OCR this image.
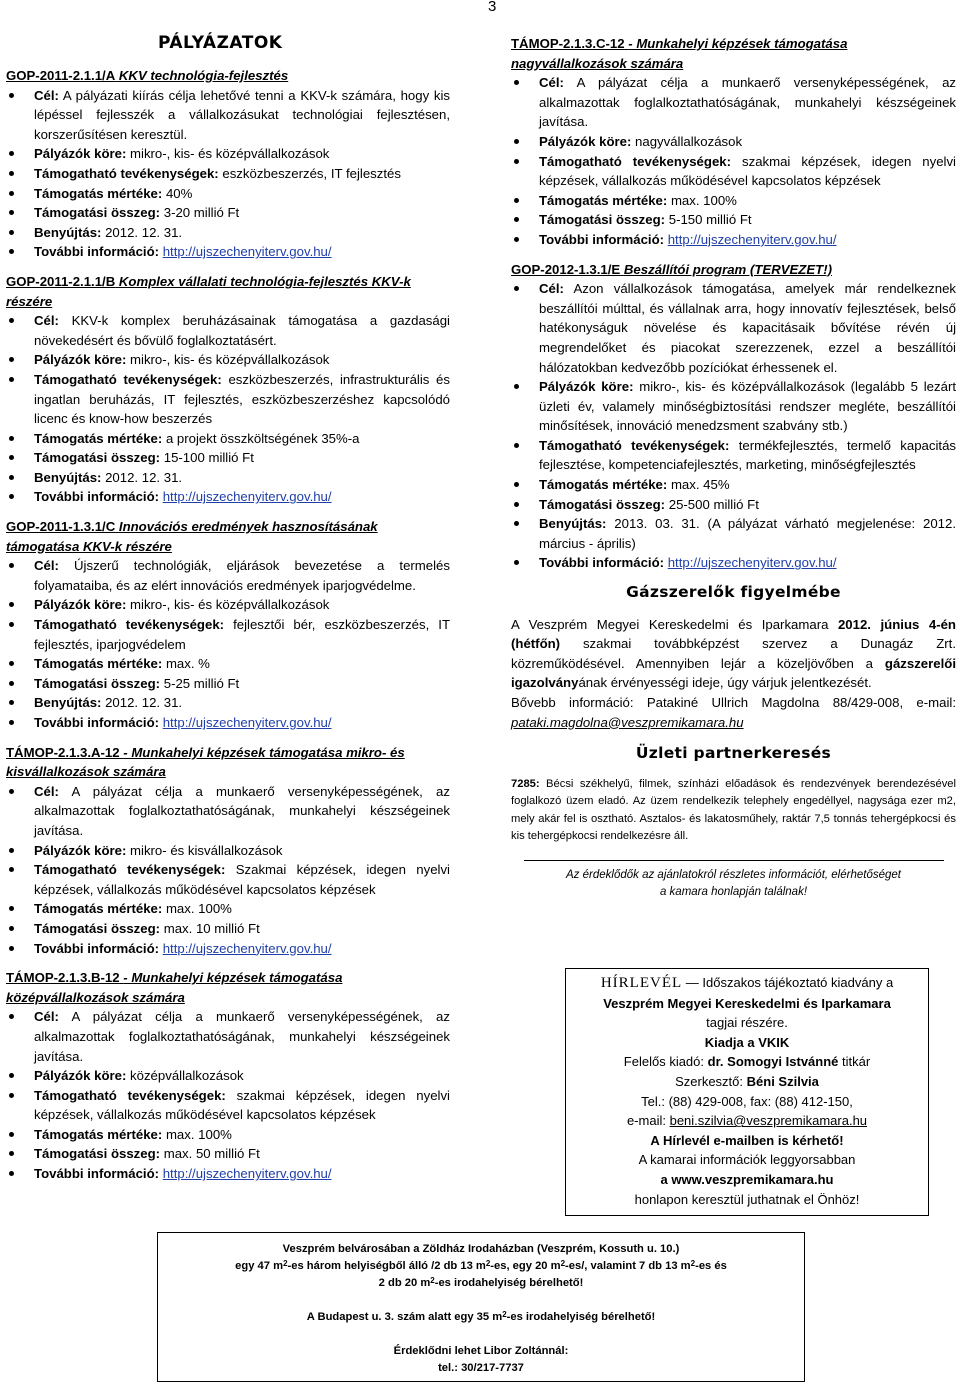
3
PÁLYÁZATOK
GOP-2011-2.1.1/A KKV technológia-fejlesztés
Cél: A pályázati kiírás célja lehetővé tenni a KKV-k számára, hogy kis lépéssel fejlesszék a vállalkozásukat technológiai fejlesztésen, korszerűsítésen keresztül.
Pályázók köre: mikro-, kis- és középvállalkozások
Támogatható tevékenységek: eszközbeszerzés, IT fejlesztés
Támogatás mértéke: 40%
Támogatási összeg: 3-20 millió Ft
Benyújtás: 2012. 12. 31.
További információ: http://ujszechenyiterv.gov.hu/
GOP-2011-2.1.1/B Komplex vállalati technológia-fejlesztés KKV-k részére
Cél: KKV-k komplex beruházásainak támogatása a gazdasági növekedésért és bővülő foglalkoztatásért.
Pályázók köre: mikro-, kis- és középvállalkozások
Támogatható tevékenységek: eszközbeszerzés, infrastrukturális és ingatlan beruházás, IT fejlesztés, eszközbeszerzéshez kapcsolódó licenc és know-how beszerzés
Támogatás mértéke: a projekt összköltségének 35%-a
Támogatási összeg: 15-100 millió Ft
Benyújtás: 2012. 12. 31.
További információ: http://ujszechenyiterv.gov.hu/
GOP-2011-1.3.1/C Innovációs eredmények hasznosításának támogatása KKV-k részére
Cél: Újszerű technológiák, eljárások bevezetése a termelés folyamataiba, és az elért innovációs eredmények iparjogvédelme.
Pályázók köre: mikro-, kis- és középvállalkozások
Támogatható tevékenységek: fejlesztői bér, eszközbeszerzés, IT fejlesztés, iparjogvédelem
Támogatás mértéke: max. %
Támogatási összeg: 5-25 millió Ft
Benyújtás: 2012. 12. 31.
További információ: http://ujszechenyiterv.gov.hu/
TÁMOP-2.1.3.A-12 - Munkahelyi képzések támogatása mikro- és kisvállalkozások számára
Cél: A pályázat célja a munkaerő versenyképességének, az alkalmazottak foglalkoztathatóságának, munkahelyi készségeinek javítása.
Pályázók köre: mikro- és kisvállalkozások
Támogatható tevékenységek: Szakmai képzések, idegen nyelvi képzések, vállalkozás működésével kapcsolatos képzések
Támogatás mértéke: max. 100%
Támogatási összeg: max. 10 millió Ft
További információ: http://ujszechenyiterv.gov.hu/
TÁMOP-2.1.3.B-12 - Munkahelyi képzések támogatása középvállalkozások számára
Cél: A pályázat célja a munkaerő versenyképességének, az alkalmazottak foglalkoztathatóságának, munkahelyi készségeinek javítása.
Pályázók köre: középvállalkozások
Támogatható tevékenységek: szakmai képzések, idegen nyelvi képzések, vállalkozás működésével kapcsolatos képzések
Támogatás mértéke: max. 100%
Támogatási összeg: max. 50 millió Ft
További információ: http://ujszechenyiterv.gov.hu/
TÁMOP-2.1.3.C-12 - Munkahelyi képzések támogatása nagyvállalkozások számára
Cél: A pályázat célja a munkaerő versenyképességének, az alkalmazottak foglalkoztathatóságának, munkahelyi készségeinek javítása.
Pályázók köre: nagyvállalkozások
Támogatható tevékenységek: szakmai képzések, idegen nyelvi képzések, vállalkozás működésével kapcsolatos képzések
Támogatás mértéke: max. 100%
Támogatási összeg: 5-150 millió Ft
További információ: http://ujszechenyiterv.gov.hu/
GOP-2012-1.3.1/E Beszállítói program (TERVEZET!)
Cél: Azon vállalkozások támogatása, amelyek már rendelkeznek beszállítói múlttal, és vállalnak arra, hogy innovatív fejlesztések, belső hatékonyságuk növelése és kapacitásaik bővítése révén új megrendelőket és piacokat szerezzenek, ezzel a beszállítói hálózatokban kedvezőbb pozíciókat érhessenek el.
Pályázók köre: mikro-, kis- és középvállalkozások (legalább 5 lezárt üzleti év, valamely minőségbiztosítási rendszer megléte, beszállítói minősítések, innováció menedzsment szabvány stb.)
Támogatható tevékenységek: termékfejlesztés, termelő kapacitás fejlesztése, kompetenciafejlesztés, marketing, minőségfejlesztés
Támogatás mértéke: max. 45%
Támogatási összeg: 25-500 millió Ft
Benyújtás: 2013. 03. 31. (A pályázat várható megjelenése: 2012. március - április)
További információ: http://ujszechenyiterv.gov.hu/
Gázszerelők figyelmébe

A Veszprém Megyei Kereskedelmi és Iparkamara 2012. június 4-én (hétfőn) szakmai továbbképzést szervez a Dunagáz Zrt. közreműködésével. Amennyiben lejár a közeljövőben a gázszerelői igazolványának érvényességi ideje, úgy várjuk jelentkezését.
Bővebb információ: Patakiné Ullrich Magdolna 88/429-008, e-mail: pataki.magdolna@veszpremikamara.hu

Üzleti partnerkeresés

7285: Bécsi székhelyű, filmek, színházi előadások és rendezvények berendezésével foglalkozó üzem eladó. Az üzem rendelkezik telephely engedéllyel, nagysága ezer m2, mely akár fel is osztható. Asztalos- és lakatosműhely, raktár 7,5 tonnás tehergépkocsi és kis tehergépkocsi rendelkezésre áll.

Az érdeklődők az ajánlatokról részletes információt, elérhetőséget
a kamara honlapján találnak!

HÍRLEVÉL — Időszakos tájékoztató kiadvány a
Veszprém Megyei Kereskedelmi és Iparkamara
tagjai részére.
Kiadja a VKIK
Felelős kiadó: dr. Somogyi Istvánné titkár
Szerkesztő: Béni Szilvia
Tel.: (88) 429-008, fax: (88) 412-150,
e-mail: beni.szilvia@veszpremikamara.hu
A Hírlevél e-mailben is kérhető!
A kamarai információk leggyorsabban
a www.veszpremikamara.hu
honlapon keresztül juthatnak el Önhöz!
Veszprém belvárosában a Zöldház Irodaházban (Veszprém, Kossuth u. 10.)
egy 47 $m^2-es$ három helyiségből álló /2 db 13 $m^2-es$, egy 20 $m^2-es/$, valamint 7 db 13 $m^2-es$ és
2 db 20 $m^2-es$ irodahelyiség bérelhető!
A Budapest u. 3. szám alatt egy 35 $m^2-es$ irodahelyiség bérelhető!
Érdeklődni lehet Libor Zoltánnál:
tel.: 30/217-7737
